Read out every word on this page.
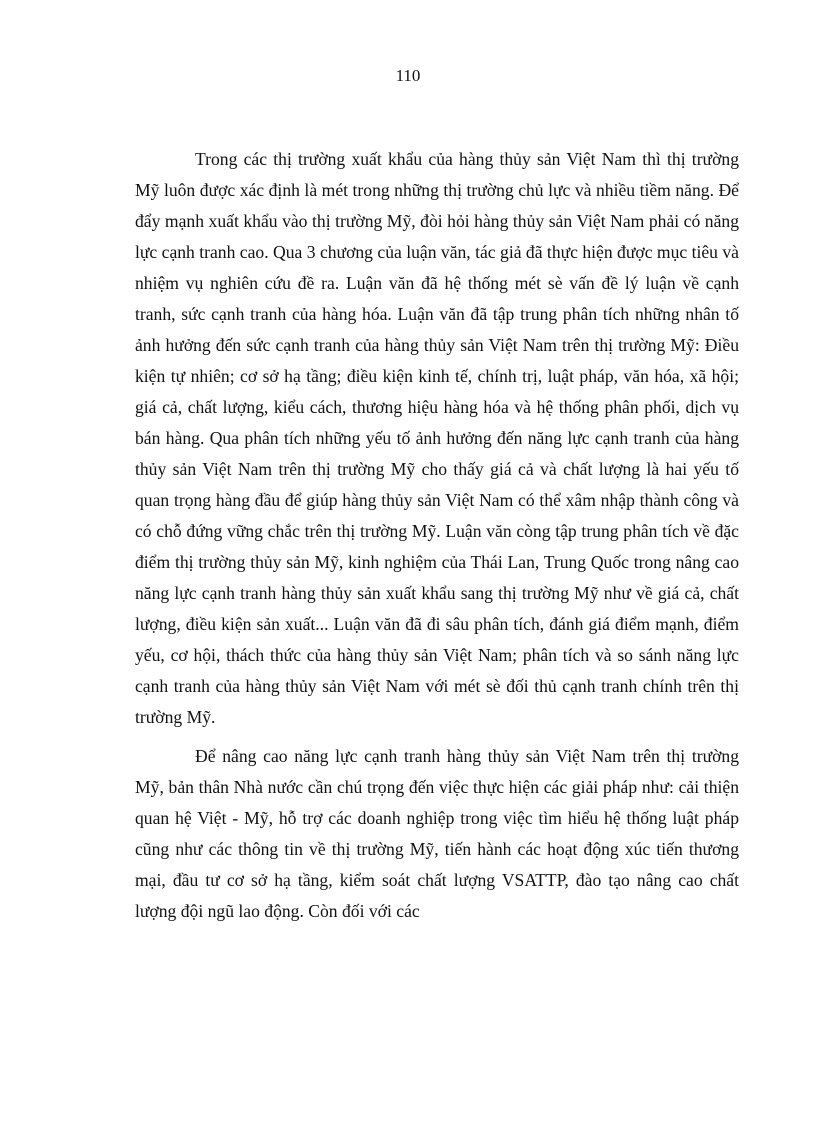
110

Trong các thị trường xuất khẩu của hàng thủy sản Việt Nam thì thị trường Mỹ luôn được xác định là mét trong những thị trường chủ lực và nhiều tiềm năng. Để đẩy mạnh xuất khẩu vào thị trường Mỹ, đòi hỏi hàng thủy sản Việt Nam phải có năng lực cạnh tranh cao. Qua 3 chương của luận văn, tác giả đã thực hiện được mục tiêu và nhiệm vụ nghiên cứu đề ra. Luận văn đã hệ thống mét sè vấn đề lý luận về cạnh tranh, sức cạnh tranh của hàng hóa. Luận văn đã tập trung phân tích những nhân tố ảnh hưởng đến sức cạnh tranh của hàng thủy sản Việt Nam trên thị trường Mỹ: Điều kiện tự nhiên; cơ sở hạ tầng; điều kiện kinh tế, chính trị, luật pháp, văn hóa, xã hội; giá cả, chất lượng, kiểu cách, thương hiệu hàng hóa và hệ thống phân phối, dịch vụ bán hàng. Qua phân tích những yếu tố ảnh hưởng đến năng lực cạnh tranh của hàng thủy sản Việt Nam trên thị trường Mỹ cho thấy giá cả và chất lượng là hai yếu tố quan trọng hàng đầu để giúp hàng thủy sản Việt Nam có thể xâm nhập thành công và có chỗ đứng vững chắc trên thị trường Mỹ. Luận văn còng tập trung phân tích về đặc điểm thị trường thủy sản Mỹ, kinh nghiệm của Thái Lan, Trung Quốc trong nâng cao năng lực cạnh tranh hàng thủy sản xuất khẩu sang thị trường Mỹ như về giá cả, chất lượng, điều kiện sản xuất... Luận văn đã đi sâu phân tích, đánh giá điểm mạnh, điểm yếu, cơ hội, thách thức của hàng thủy sản Việt Nam; phân tích và so sánh năng lực cạnh tranh của hàng thủy sản Việt Nam với mét sè đối thủ cạnh tranh chính trên thị trường Mỹ.

Để nâng cao năng lực cạnh tranh hàng thủy sản Việt Nam trên thị trường Mỹ, bản thân Nhà nước cần chú trọng đến việc thực hiện các giải pháp như: cải thiện quan hệ Việt - Mỹ, hỗ trợ các doanh nghiệp trong việc tìm hiểu hệ thống luật pháp cũng như các thông tin về thị trường Mỹ, tiến hành các hoạt động xúc tiến thương mại, đầu tư cơ sở hạ tầng, kiểm soát chất lượng VSATTP, đào tạo nâng cao chất lượng đội ngũ lao động. Còn đối với các
